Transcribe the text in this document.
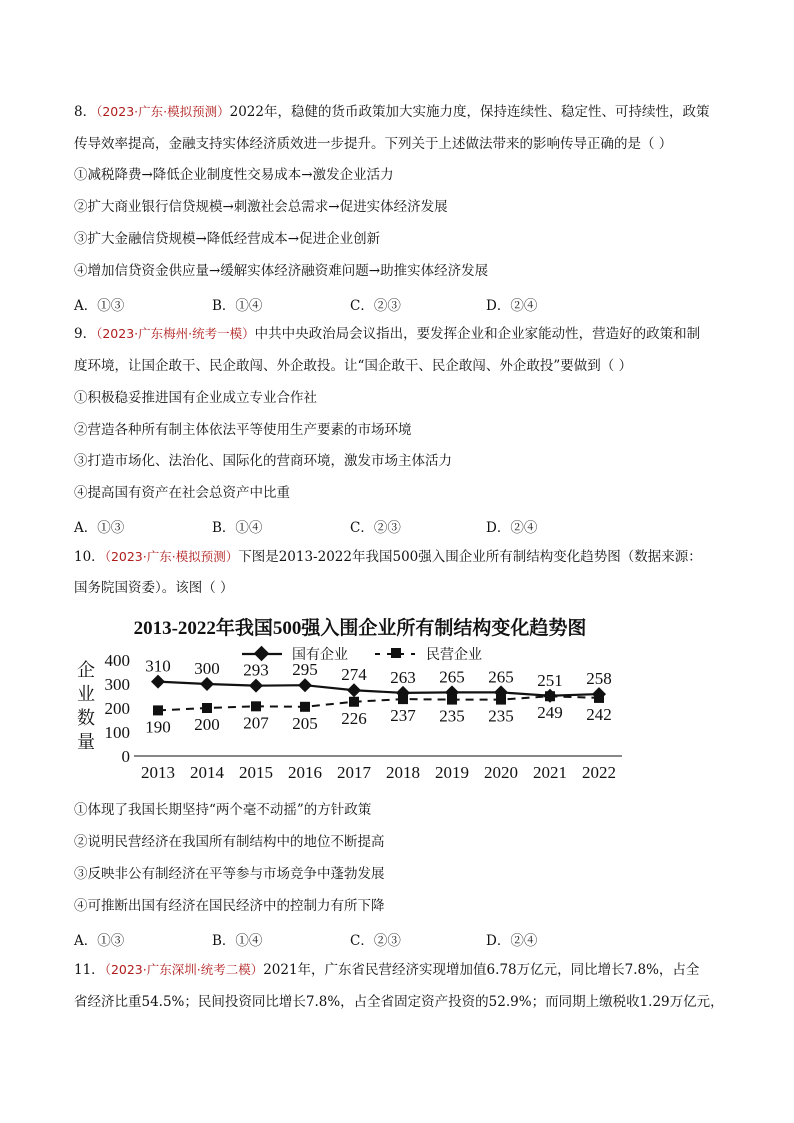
8．（2023·广东·模拟预测）2022年，稳健的货币政策加大实施力度，保持连续性、稳定性、可持续性，政策
传导效率提高，金融支持实体经济质效进一步提升。下列关于上述做法带来的影响传导正确的是（ ）
①减税降费→降低企业制度性交易成本→激发企业活力
②扩大商业银行信贷规模→刺激社会总需求→促进实体经济发展
③扩大金融信贷规模→降低经营成本→促进企业创新
④增加信贷资金供应量→缓解实体经济融资难问题→助推实体经济发展
A．①③	B．①④	C．②③	D．②④
9．（2023·广东梅州·统考一模）中共中央政治局会议指出，要发挥企业和企业家能动性，营造好的政策和制
度环境，让国企敢干、民企敢闯、外企敢投。让“国企敢干、民企敢闯、外企敢投”要做到（ ）
①积极稳妥推进国有企业成立专业合作社
②营造各种所有制主体依法平等使用生产要素的市场环境
③打造市场化、法治化、国际化的营商环境，激发市场主体活力
④提高国有资产在社会总资产中比重
A．①③	B．①④	C．②③	D．②④
10．（2023·广东·模拟预测）下图是2013-2022年我国500强入围企业所有制结构变化趋势图（数据来源：
国务院国资委）。该图（ ）
2013-2022年我国500强入围企业所有制结构变化趋势图
国有企业	民营企业
企
业
数
量
0
100
200
300
400
2013 2014 2015 2016 2017 2018 2019 2020 2021 2022
310 300 293 295 274 263 265 265 251 258
190 200 207 205 226 237 235 235 249 242
①体现了我国长期坚持“两个毫不动摇”的方针政策
②说明民营经济在我国所有制结构中的地位不断提高
③反映非公有制经济在平等参与市场竞争中蓬勃发展
④可推断出国有经济在国民经济中的控制力有所下降
A．①③	B．①④	C．②③	D．②④
11．（2023·广东深圳·统考二模）2021年，广东省民营经济实现增加值6.78万亿元，同比增长7.8%，占全
省经济比重54.5%；民间投资同比增长7.8%，占全省固定资产投资的52.9%；而同期上缴税收1.29万亿元，
